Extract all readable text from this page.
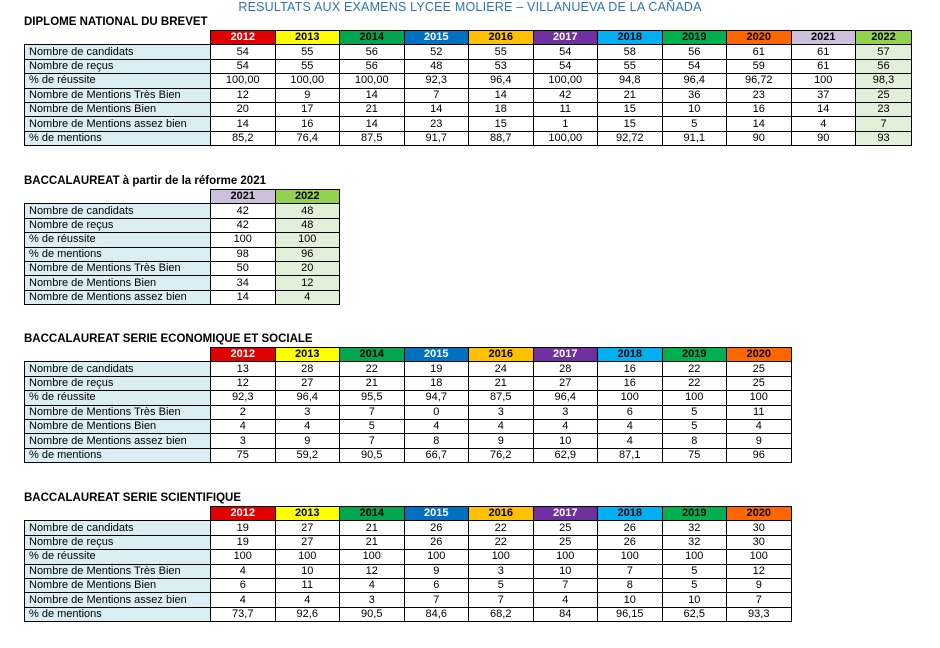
RESULTATS AUX EXAMENS LYCEE MOLIERE – VILLANUEVA DE LA CAÑADA
DIPLOME NATIONAL DU BREVET
	2012	2013	2014	2015	2016	2017	2018	2019	2020	2021	2022
Nombre de candidats	54	55	56	52	55	54	58	56	61	61	57
Nombre de reçus	54	55	56	48	53	54	55	54	59	61	56
% de réussite	100,00	100,00	100,00	92,3	96,4	100,00	94,8	96,4	96,72	100	98,3
Nombre de Mentions Très Bien	12	9	14	7	14	42	21	36	23	37	25
Nombre de Mentions Bien	20	17	21	14	18	11	15	10	16	14	23
Nombre de Mentions assez bien	14	16	14	23	15	1	15	5	14	4	7
% de mentions	85,2	76,4	87,5	91,7	88,7	100,00	92,72	91,1	90	90	93
BACCALAUREAT à partir de la réforme 2021
	2021	2022
Nombre de candidats	42	48
Nombre de reçus	42	48
% de réussite	100	100
% de mentions	98	96
Nombre de Mentions Très Bien	50	20
Nombre de Mentions Bien	34	12
Nombre de Mentions assez bien	14	4
BACCALAUREAT SERIE ECONOMIQUE ET SOCIALE
	2012	2013	2014	2015	2016	2017	2018	2019	2020
Nombre de candidats	13	28	22	19	24	28	16	22	25
Nombre de reçus	12	27	21	18	21	27	16	22	25
% de réussite	92,3	96,4	95,5	94,7	87,5	96,4	100	100	100
Nombre de Mentions Très Bien	2	3	7	0	3	3	6	5	11
Nombre de Mentions Bien	4	4	5	4	4	4	4	5	4
Nombre de Mentions assez bien	3	9	7	8	9	10	4	8	9
% de mentions	75	59,2	90,5	66,7	76,2	62,9	87,1	75	96
BACCALAUREAT SERIE SCIENTIFIQUE
	2012	2013	2014	2015	2016	2017	2018	2019	2020
Nombre de candidats	19	27	21	26	22	25	26	32	30
Nombre de reçus	19	27	21	26	22	25	26	32	30
% de réussite	100	100	100	100	100	100	100	100	100
Nombre de Mentions Très Bien	4	10	12	9	3	10	7	5	12
Nombre de Mentions Bien	6	11	4	6	5	7	8	5	9
Nombre de Mentions assez bien	4	4	3	7	7	4	10	10	7
% de mentions	73,7	92,6	90,5	84,6	68,2	84	96,15	62,5	93,3
